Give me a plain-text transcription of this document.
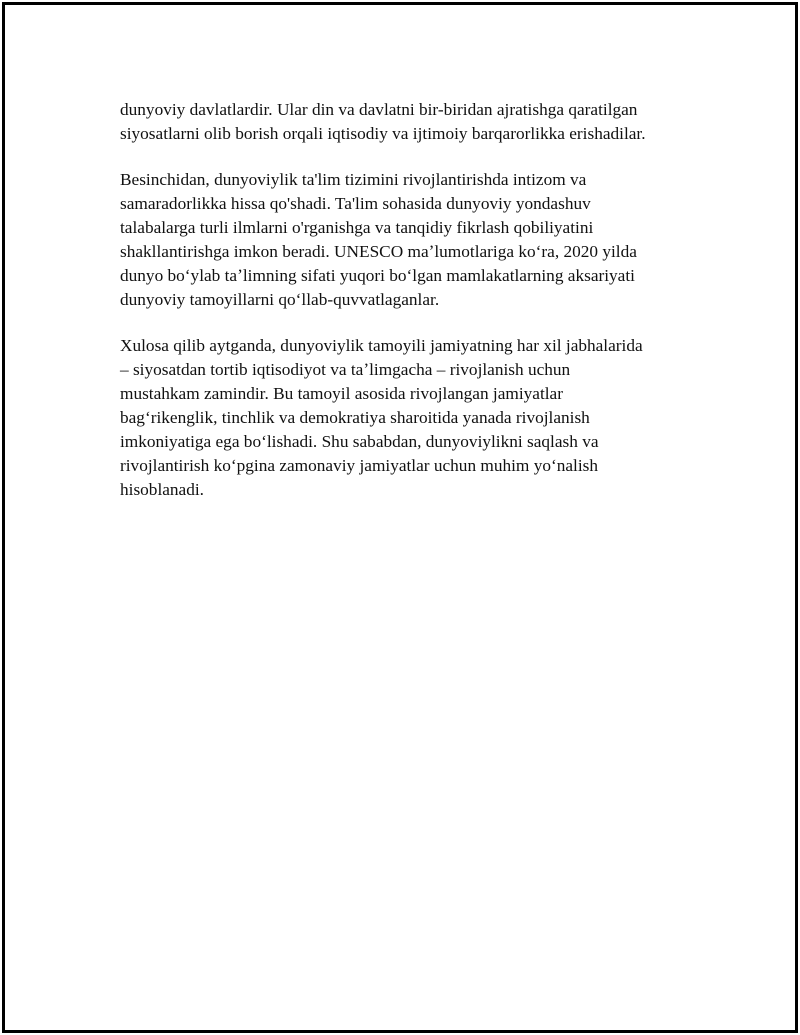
dunyoviy davlatlardir. Ular din va davlatni bir-biridan ajratishga qaratilgan
siyosatlarni olib borish orqali iqtisodiy va ijtimoiy barqarorlikka erishadilar.

Besinchidan, dunyoviylik ta'lim tizimini rivojlantirishda intizom va
samaradorlikka hissa qo'shadi. Ta'lim sohasida dunyoviy yondashuv
talabalarga turli ilmlarni o'rganishga va tanqidiy fikrlash qobiliyatini
shakllantirishga imkon beradi. UNESCO maʼlumotlariga koʻra, 2020 yilda
dunyo boʻylab taʼlimning sifati yuqori boʻlgan mamlakatlarning aksariyati
dunyoviy tamoyillarni qoʻllab-quvvatlaganlar.

Xulosa qilib aytganda, dunyoviylik tamoyili jamiyatning har xil jabhalarida
– siyosatdan tortib iqtisodiyot va taʼlimgacha – rivojlanish uchun
mustahkam zamindir. Bu tamoyil asosida rivojlangan jamiyatlar
bagʻrikenglik, tinchlik va demokratiya sharoitida yanada rivojlanish
imkoniyatiga ega boʻlishadi. Shu sababdan, dunyoviylikni saqlash va
rivojlantirish koʻpgina zamonaviy jamiyatlar uchun muhim yoʻnalish
hisoblanadi.
